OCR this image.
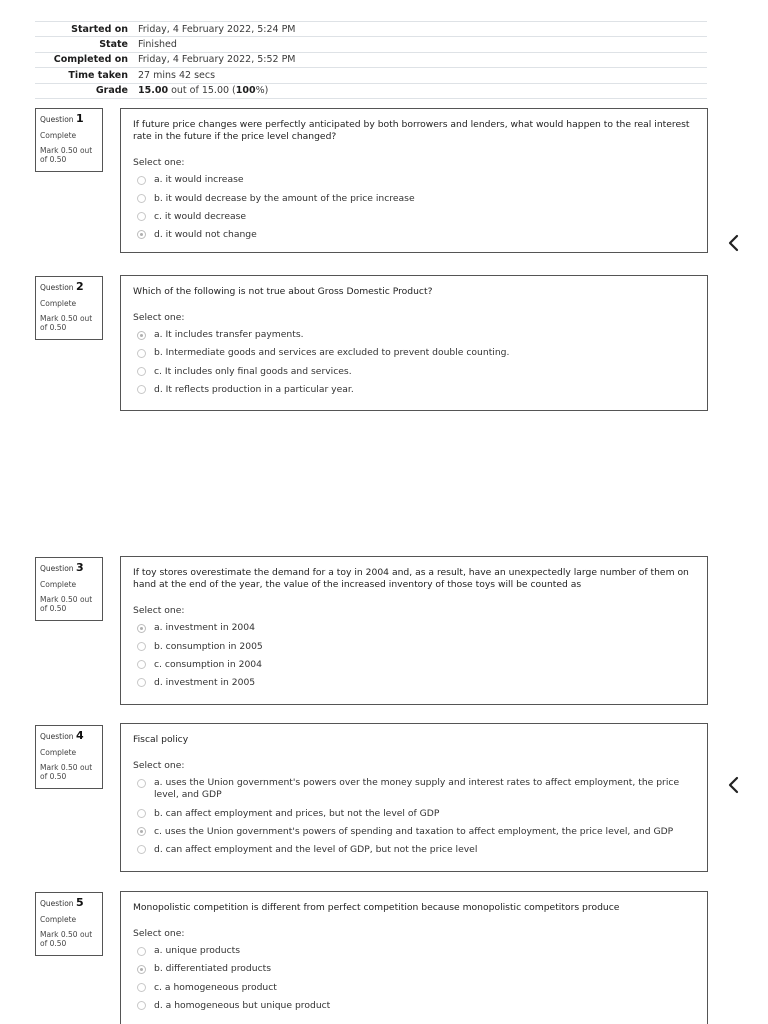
Started on	Friday, 4 February 2022, 5:24 PM
State	Finished
Completed on	Friday, 4 February 2022, 5:52 PM
Time taken	27 mins 42 secs
Grade	15.00 out of 15.00 (100%)
Question 1
Complete
Mark 0.50 out of 0.50
If future price changes were perfectly anticipated by both borrowers and lenders, what would happen to the real interest rate in the future if the price level changed?
Select one:
a. it would increase
b. it would decrease by the amount of the price increase
c. it would decrease
d. it would not change
Question 2
Complete
Mark 0.50 out of 0.50
Which of the following is not true about Gross Domestic Product?
Select one:
a. It includes transfer payments.
b. Intermediate goods and services are excluded to prevent double counting.
c. It includes only final goods and services.
d. It reflects production in a particular year.
Question 3
Complete
Mark 0.50 out of 0.50
If toy stores overestimate the demand for a toy in 2004 and, as a result, have an unexpectedly large number of them on hand at the end of the year, the value of the increased inventory of those toys will be counted as
Select one:
a. investment in 2004
b. consumption in 2005
c. consumption in 2004
d. investment in 2005
Question 4
Complete
Mark 0.50 out of 0.50
Fiscal policy
Select one:
a. uses the Union government's powers over the money supply and interest rates to affect employment, the price level, and GDP
b. can affect employment and prices, but not the level of GDP
c. uses the Union government's powers of spending and taxation to affect employment, the price level, and GDP
d. can affect employment and the level of GDP, but not the price level
Question 5
Complete
Mark 0.50 out of 0.50
Monopolistic competition is different from perfect competition because monopolistic competitors produce
Select one:
a. unique products
b. differentiated products
c. a homogeneous product
d. a homogeneous but unique product
